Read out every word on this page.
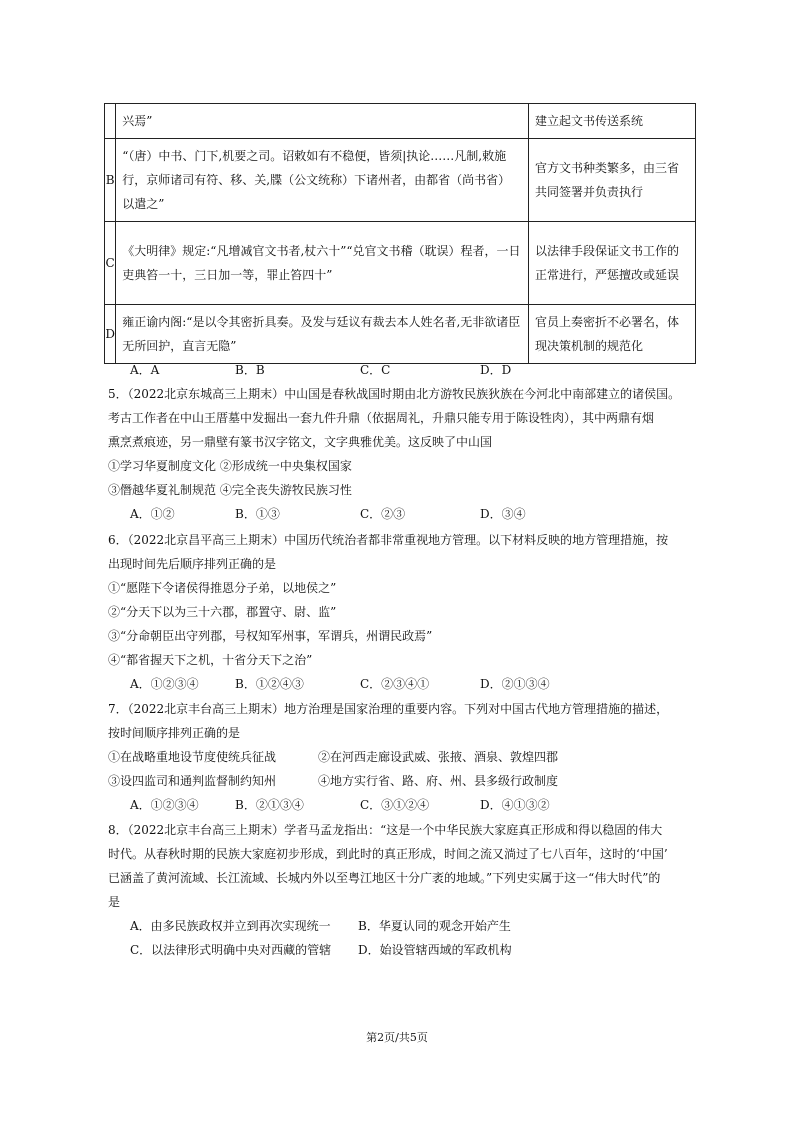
	兴焉”	建立起文书传送系统
B	“（唐）中书、门下,机要之司。诏敕如有不稳便，皆须|执论……凡制,敕施行，京师诸司有符、移、关,牒（公文统称）下诸州者，由都省（尚书省）以遣之”	官方文书种类繁多，由三省共同签署并负责执行
C	《大明律》规定:“凡增减官文书者,杖六十”“兑官文书稽（耽误）程者，一日吏典笞一十，三日加一等，罪止笞四十”	以法律手段保证文书工作的正常进行，严惩擅改或延误
D	雍正谕内阁:“是以令其密折具奏。及发与廷议有裁去本人姓名者,无非欲诸臣无所回护，直言无隐”	官员上奏密折不必署名，体现决策机制的规范化
A．A	B．B	C．C	D．D
5．（2022北京东城高三上期末）中山国是春秋战国时期由北方游牧民族狄族在今河北中南部建立的诸侯国。
考古工作者在中山王厝墓中发掘出一套九件升鼎（依据周礼，升鼎只能专用于陈设牲肉），其中两鼎有烟
熏烹煮痕迹，另一鼎壁有篆书汉字铭文，文字典雅优美。这反映了中山国
①学习华夏制度文化 ②形成统一中央集权国家
③僭越华夏礼制规范 ④完全丧失游牧民族习性
A．①②	B．①③	C．②③	D．③④
6．（2022北京昌平高三上期末）中国历代统治者都非常重视地方管理。以下材料反映的地方管理措施，按
出现时间先后顺序排列正确的是
①“愿陛下令诸侯得推恩分子弟，以地侯之”
②“分天下以为三十六郡，郡置守、尉、监”
③“分命朝臣出守列郡，号权知军州事，军谓兵，州谓民政焉”
④“都省握天下之机，十省分天下之治”
A．①②③④	B．①②④③	C．②③④①	D．②①③④
7．（2022北京丰台高三上期末）地方治理是国家治理的重要内容。下列对中国古代地方管理措施的描述，
按时间顺序排列正确的是
①在战略重地设节度使统兵征战	②在河西走廊设武威、张掖、酒泉、敦煌四郡
③设四监司和通判监督制约知州	④地方实行省、路、府、州、县多级行政制度
A．①②③④	B．②①③④	C．③①②④	D．④①③②
8．（2022北京丰台高三上期末）学者马孟龙指出：“这是一个中华民族大家庭真正形成和得以稳固的伟大
时代。从春秋时期的民族大家庭初步形成，到此时的真正形成，时间之流又淌过了七八百年，这时的‘中国’
已涵盖了黄河流域、长江流域、长城内外以至粤江地区十分广袤的地域。”下列史实属于这一“伟大时代”的
是
A．由多民族政权并立到再次实现统一	B．华夏认同的观念开始产生
C．以法律形式明确中央对西藏的管辖	D．始设管辖西域的军政机构
第2页/共5页
